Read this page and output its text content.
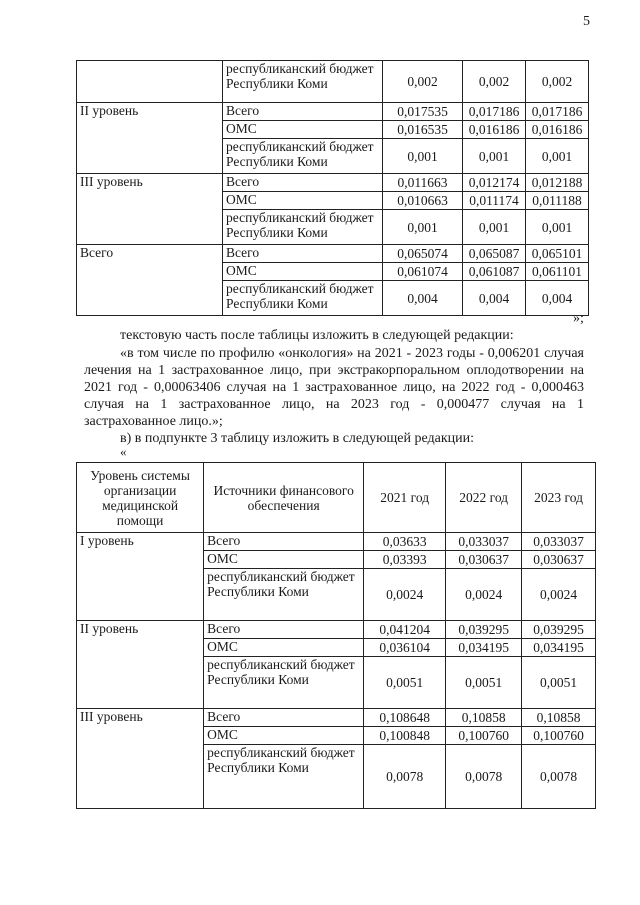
5
	республиканский бюджет Республики Коми	0,002	0,002	0,002
II уровень	Всего	0,017535	0,017186	0,017186
	ОМС	0,016535	0,016186	0,016186
	республиканский бюджет Республики Коми	0,001	0,001	0,001
III уровень	Всего	0,011663	0,012174	0,012188
	ОМС	0,010663	0,011174	0,011188
	республиканский бюджет Республики Коми	0,001	0,001	0,001
Всего	Всего	0,065074	0,065087	0,065101
	ОМС	0,061074	0,061087	0,061101
	республиканский бюджет Республики Коми	0,004	0,004	0,004
»;
текстовую часть после таблицы изложить в следующей редакции:
«в том числе по профилю «онкология» на 2021 - 2023 годы - 0,006201 случая лечения на 1 застрахованное лицо, при экстракорпоральном оплодотворении на 2021 год - 0,00063406 случая на 1 застрахованное лицо, на 2022 год - 0,000463 случая на 1 застрахованное лицо, на 2023 год - 0,000477 случая на 1 застрахованное лицо.»;
в) в подпункте 3 таблицу изложить в следующей редакции:
«
Уровень системы организации медицинской помощи	Источники финансового обеспечения	2021 год	2022 год	2023 год
I уровень	Всего	0,03633	0,033037	0,033037
	ОМС	0,03393	0,030637	0,030637
	республиканский бюджет Республики Коми	0,0024	0,0024	0,0024
II уровень	Всего	0,041204	0,039295	0,039295
	ОМС	0,036104	0,034195	0,034195
	республиканский бюджет Республики Коми	0,0051	0,0051	0,0051
III уровень	Всего	0,108648	0,10858	0,10858
	ОМС	0,100848	0,100760	0,100760
	республиканский бюджет Республики Коми	0,0078	0,0078	0,0078
